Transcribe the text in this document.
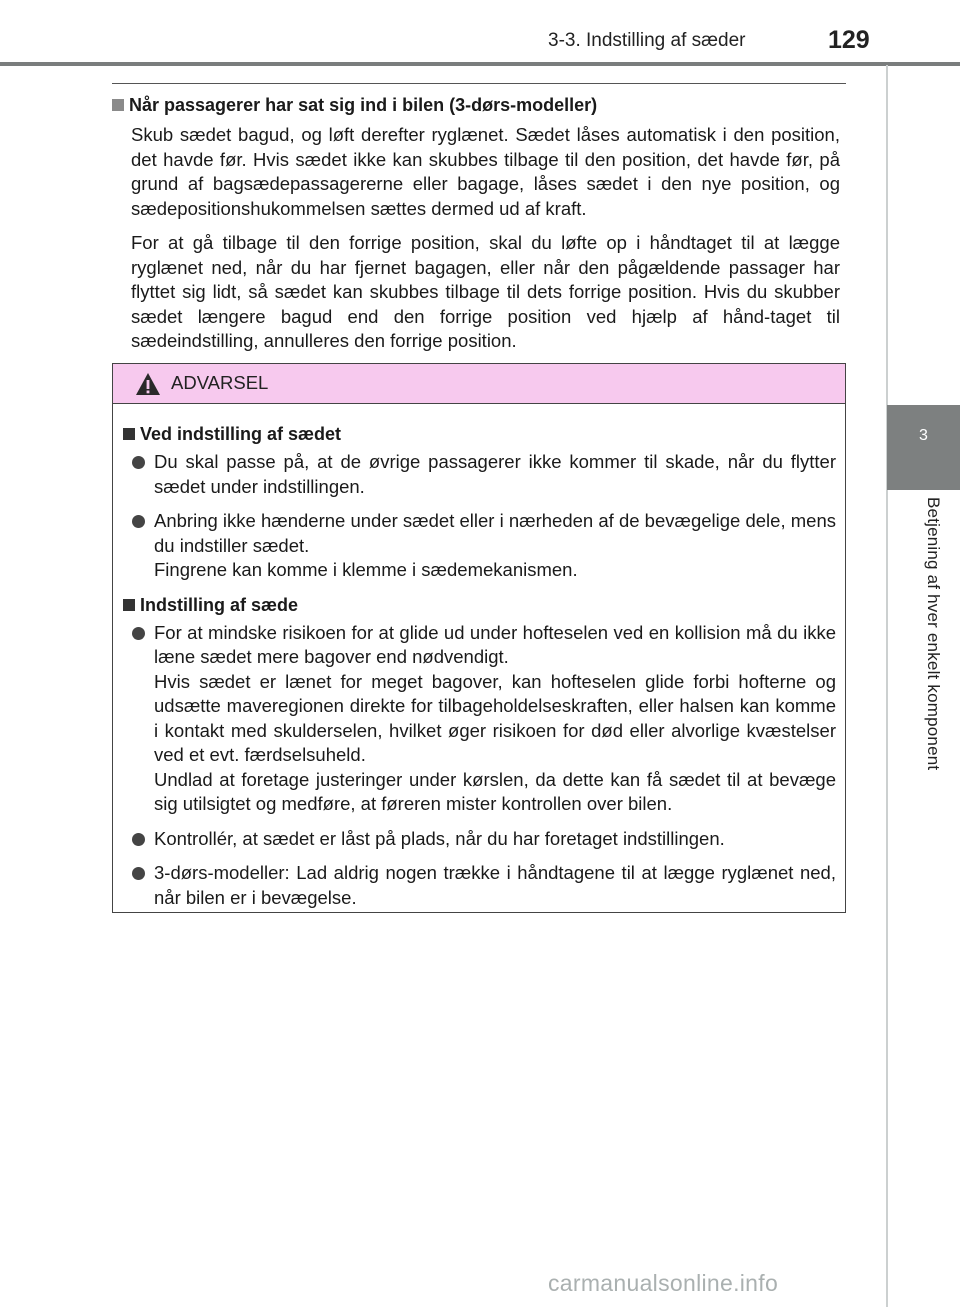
3-3. Indstilling af sæder	129
3
Betjening af hver enkelt komponent
Når passagerer har sat sig ind i bilen (3-dørs-modeller)
Skub sædet bagud, og løft derefter ryglænet. Sædet låses automatisk i den position, det havde før. Hvis sædet ikke kan skubbes tilbage til den position, det havde før, på grund af bagsædepassagererne eller bagage, låses sædet i den nye position, og sædepositionshukommelsen sættes dermed ud af kraft.
For at gå tilbage til den forrige position, skal du løfte op i håndtaget til at lægge ryglænet ned, når du har fjernet bagagen, eller når den pågældende passager har flyttet sig lidt, så sædet kan skubbes tilbage til dets forrige position. Hvis du skubber sædet længere bagud end den forrige position ved hjælp af hånd-taget til sædeindstilling, annulleres den forrige position.
ADVARSEL
Ved indstilling af sædet
Du skal passe på, at de øvrige passagerer ikke kommer til skade, når du flytter sædet under indstillingen.
Anbring ikke hænderne under sædet eller i nærheden af de bevægelige dele, mens du indstiller sædet.
Fingrene kan komme i klemme i sædemekanismen.
Indstilling af sæde
For at mindske risikoen for at glide ud under hofteselen ved en kollision må du ikke læne sædet mere bagover end nødvendigt.
Hvis sædet er lænet for meget bagover, kan hofteselen glide forbi hofterne og udsætte maveregionen direkte for tilbageholdelseskraften, eller halsen kan komme i kontakt med skulderselen, hvilket øger risikoen for død eller alvorlige kvæstelser ved et evt. færdselsuheld.
Undlad at foretage justeringer under kørslen, da dette kan få sædet til at bevæge sig utilsigtet og medføre, at føreren mister kontrollen over bilen.
Kontrollér, at sædet er låst på plads, når du har foretaget indstillingen.
3-dørs-modeller: Lad aldrig nogen trække i håndtagene til at lægge ryglænet ned, når bilen er i bevægelse.
carmanualsonline.info
